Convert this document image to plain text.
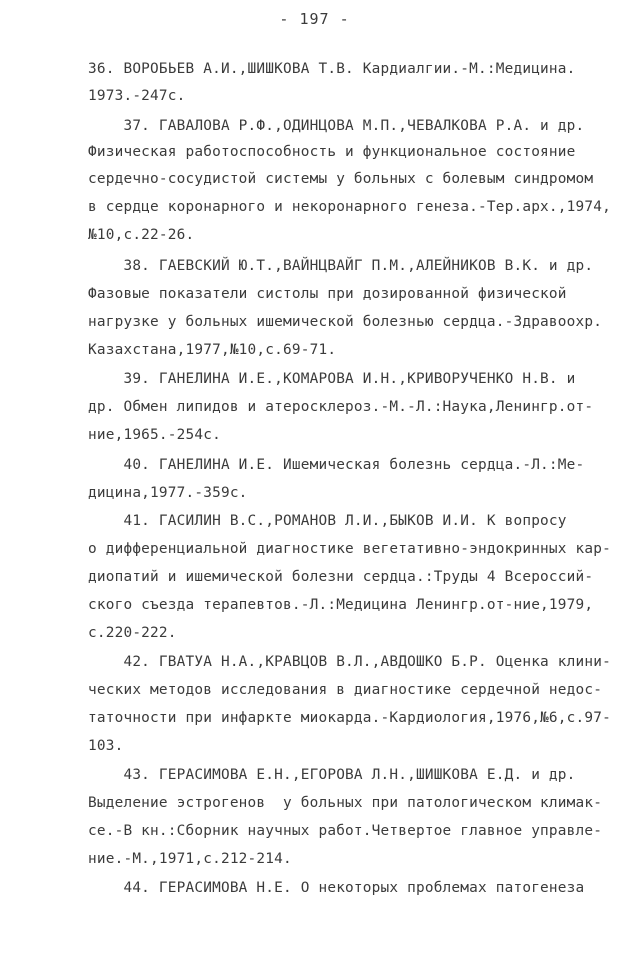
- 197 -
36. ВОРОБЬЕВ А.И.,ШИШКОВА Т.В. Кардиалгии.-М.:Медицина.
1973.-247с.
37. ГАВАЛОВА Р.Ф.,ОДИНЦОВА М.П.,ЧЕВАЛКОВА Р.А. и др.
Физическая работоспособность и функциональное состояние
сердечно-сосудистой системы у больных с болевым синдромом
в сердце коронарного и некоронарного генеза.-Тер.арх.,1974,
№10,с.22-26.
38. ГАЕВСКИЙ Ю.Т.,ВАЙНЦВАЙГ П.М.,АЛЕЙНИКОВ В.К. и др.
Фазовые показатели систолы при дозированной физической
нагрузке у больных ишемической болезнью сердца.-Здравоохр.
Казахстана,1977,№10,с.69-71.
39. ГАНЕЛИНА И.Е.,КОМАРОВА И.Н.,КРИВОРУЧЕНКО Н.В. и
др. Обмен липидов и атеросклероз.-М.-Л.:Наука,Ленингр.от-
ние,1965.-254с.
40. ГАНЕЛИНА И.Е. Ишемическая болезнь сердца.-Л.:Ме-
дицина,1977.-359с.
41. ГАСИЛИН В.С.,РОМАНОВ Л.И.,БЫКОВ И.И. К вопросу
о дифференциальной диагностике вегетативно-эндокринных кар-
диопатий и ишемической болезни сердца.:Труды 4 Всероссий-
ского съезда терапевтов.-Л.:Медицина Ленингр.от-ние,1979,
с.220-222.
42. ГВАТУА Н.А.,КРАВЦОВ В.Л.,АВДОШКО Б.Р. Оценка клини-
ческих методов исследования в диагностике сердечной недос-
таточности при инфаркте миокарда.-Кардиология,1976,№6,с.97-
103.
43. ГЕРАСИМОВА Е.Н.,ЕГОРОВА Л.Н.,ШИШКОВА Е.Д. и др.
Выделение эстрогенов  у больных при патологическом климак-
се.-В кн.:Сборник научных работ.Четвертое главное управле-
ние.-М.,1971,с.212-214.
44. ГЕРАСИМОВА Н.Е. О некоторых проблемах патогенеза
